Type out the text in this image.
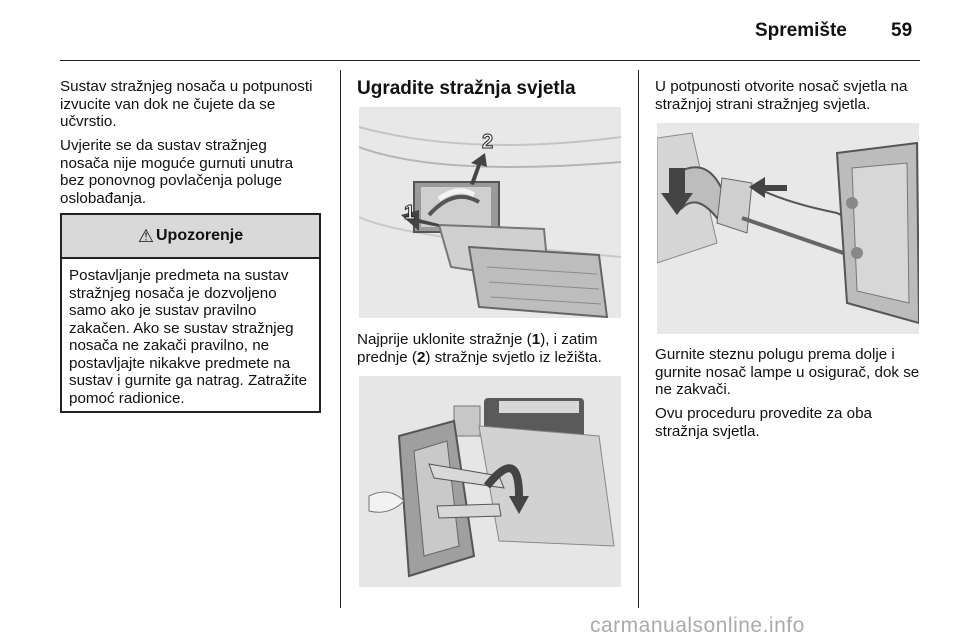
Spremište 59

Sustav stražnjeg nosača u potpunosti izvucite van dok ne čujete da se učvrstio.

Uvjerite se da sustav stražnjeg nosača nije moguće gurnuti unutra bez ponovnog povlačenja poluge oslobađanja.

⚠ Upozorenje
Postavljanje predmeta na sustav stražnjeg nosača je dozvoljeno samo ako je sustav pravilno zakačen. Ako se sustav stražnjeg nosača ne zakači pravilno, ne postavljajte nikakve predmete na sustav i gurnite ga natrag. Zatražite pomoć radionice.
Ugradite stražnja svjetla
1
2

Najprije uklonite stražnje (1), i zatim prednje (2) stražnje svjetlo iz ležišta.

U potpunosti otvorite nosač svjetla na stražnjoj strani stražnjeg svjetla.

Gurnite steznu polugu prema dolje i gurnite nosač lampe u osigurač, dok se ne zakvači.

Ovu proceduru provedite za oba stražnja svjetla.

carmanualsonline.info
